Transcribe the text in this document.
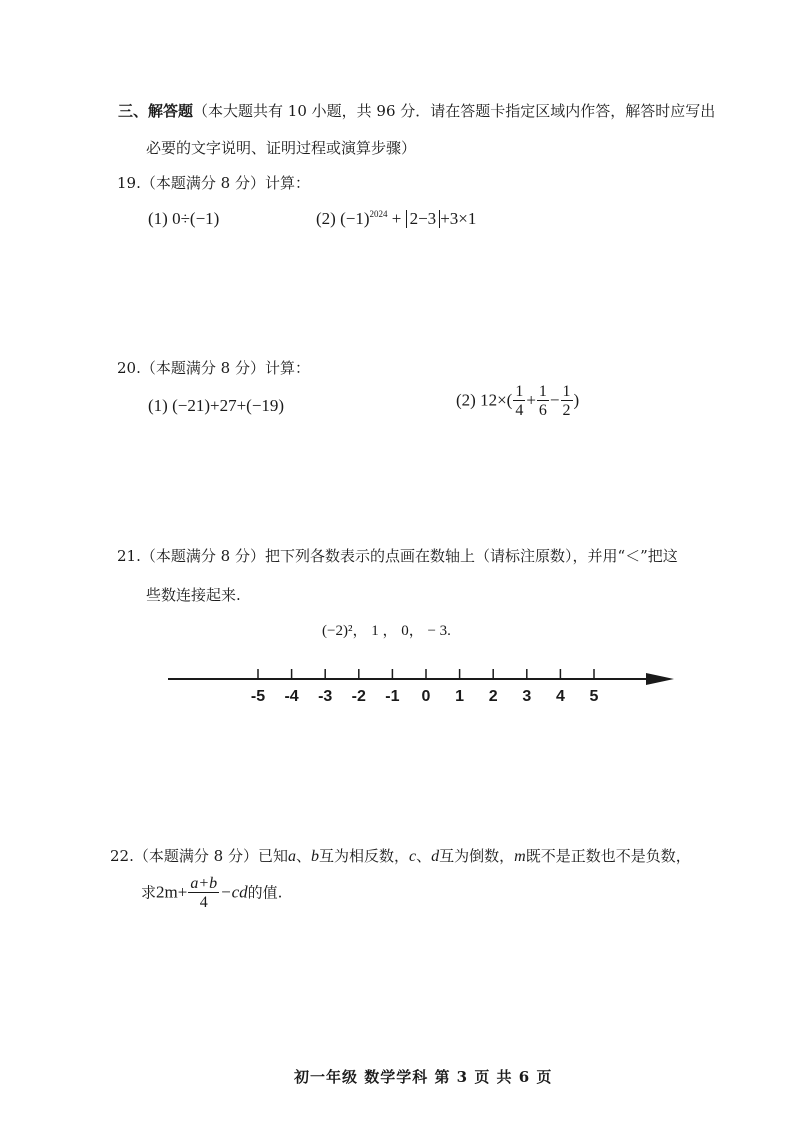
三、解答题（本大题共有 10 小题，共 96 分．请在答题卡指定区域内作答，解答时应写出
必要的文字说明、证明过程或演算步骤）
19.（本题满分 8 分）计算：
(1) 0÷(−1)	(2) $(-1)^{2024} + 2-3 +3\times 1$
20.（本题满分 8 分）计算：
(1) (−21)+27+(−19)	(2) $12\times( \frac{1}{4} + \frac{1}{6} - \frac{1}{2}$ )
21.（本题满分 8 分）把下列各数表示的点画在数轴上（请标注原数），并用“＜”把这
些数连接起来.
(−2)²， 1 ， 0， − 3.
-5 -4 -3 -2 -1 0 1 2 3 4 5
22.（本题满分 8 分）已知a、b互为相反数，c、d互为倒数，m既不是正数也不是负数，
求$2m+ \frac{a+b}{4} -cd$的值.
初一年级 数学学科 第 3 页 共 6 页
